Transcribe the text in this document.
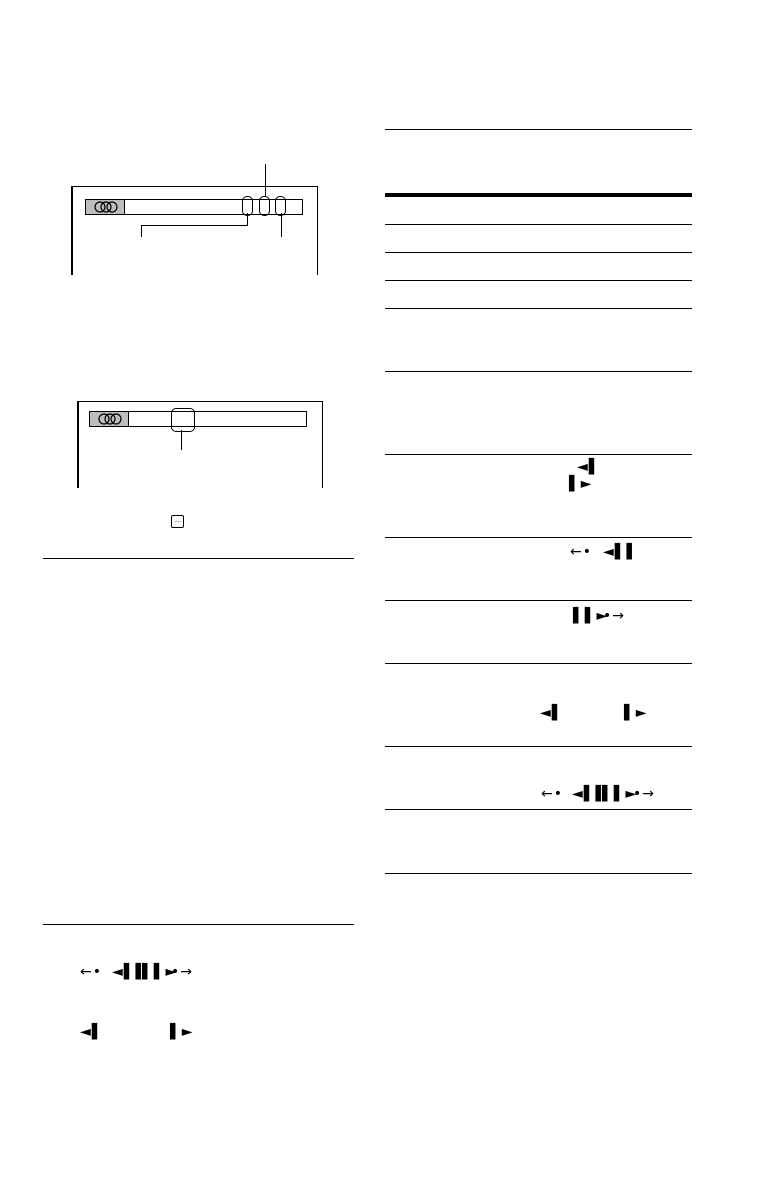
....
←• ◄▌▌
▌▌►
•→
◄▌	▌►
◄▌
▌►
←• ◄▌▌
▌▌►
•→
◄▌	▌►
←• ◄▌▌
▌▌►
•→
